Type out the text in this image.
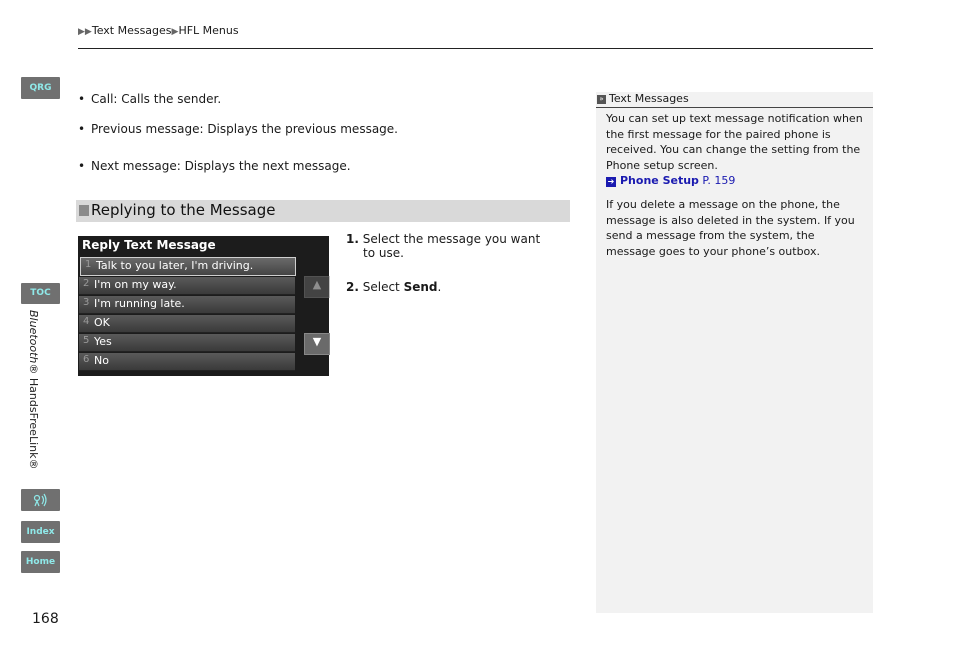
▶▶Text Messages▶HFL Menus
QRG
TOC
Bluetooth® HandsFreeLink®
Index
Home
168
• Call: Calls the sender.
• Previous message: Displays the previous message.
• Next message: Displays the next message.
Replying to the Message
Reply Text Message
1 Talk to you later, I'm driving.
2 I'm on my way.
3 I'm running late.
4 OK
5 Yes
6 No
▲
▼
1. Select the message you want
to use.
2. Select Send.
» Text Messages

You can set up text message notification when the first message for the paired phone is received. You can change the setting from the Phone setup screen.
➔ Phone Setup P. 159

If you delete a message on the phone, the message is also deleted in the system. If you send a message from the system, the message goes to your phone’s outbox.
